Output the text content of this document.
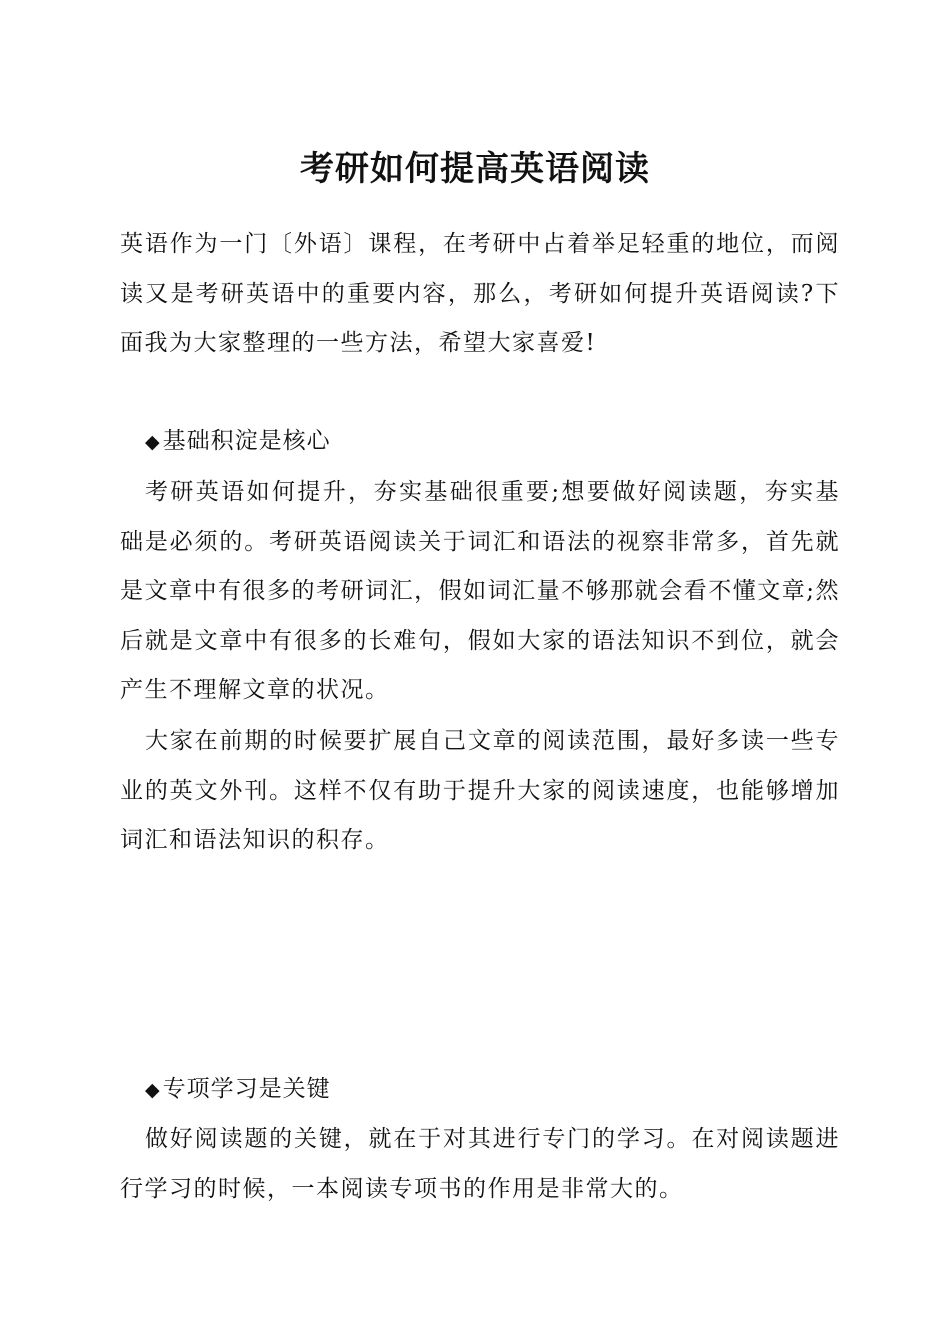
考研如何提高英语阅读

英语作为一门〔外语〕课程，在考研中占着举足轻重的地位，而阅读又是考研英语中的重要内容，那么，考研如何提升英语阅读?下面我为大家整理的一些方法，希望大家喜爱!

◆基础积淀是核心

考研英语如何提升，夯实基础很重要;想要做好阅读题，夯实基础是必须的。考研英语阅读关于词汇和语法的视察非常多，首先就是文章中有很多的考研词汇，假如词汇量不够那就会看不懂文章;然后就是文章中有很多的长难句，假如大家的语法知识不到位，就会产生不理解文章的状况。

大家在前期的时候要扩展自己文章的阅读范围，最好多读一些专业的英文外刊。这样不仅有助于提升大家的阅读速度，也能够增加词汇和语法知识的积存。

◆专项学习是关键

做好阅读题的关键，就在于对其进行专门的学习。在对阅读题进行学习的时候，一本阅读专项书的作用是非常大的。
